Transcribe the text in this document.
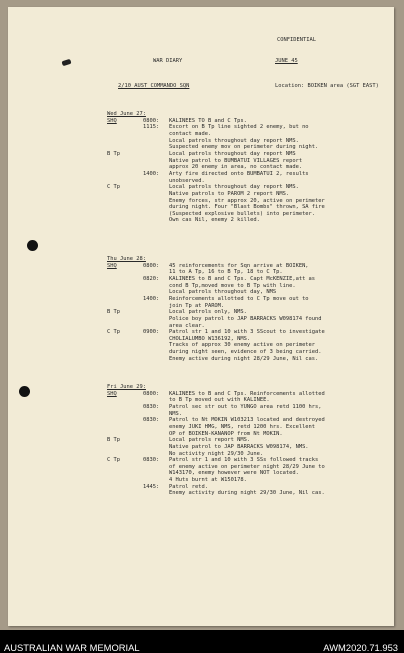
CONFIDENTIAL
WAR DIARY	JUNE 45
2/10 AUST COMMANDO SQN	Location: BOIKEN area (SGT EAST)
Wed June 27:
SHQ	0800: KALINEES TO B and C Tps.
1115: Escort on B Tp line sighted 2 enemy, but no
contact made.
Local patrols throughout day report NMS.
Suspected enemy mov on perimeter during night.
B Tp	Local patrols throughout day report NMS
Native patrol to BUMBATUI VILLAGES report
approx 20 enemy in area, no contact made.
1400: Arty fire directed onto BUMBATUI 2, results
unobserved.
C Tp	Local patrols throughout day report NMS.
Native patrols to PAROM 2 report NMS.
Enemy forces, str approx 20, active on perimeter
during night. Four "Blast Bombs" thrown, SA fire
(Suspected explosive bullets) into perimeter.
Own cas Nil, enemy 2 killed.
Thu June 28:
SHQ	0800: 45 reinforcements for Sqn arrive at BOIKEN,
11 to A Tp, 16 to B Tp, 18 to C Tp.
0820: KALINEES to B and C Tps. Capt McKENZIE,att as
cond B Tp,moved move to B Tp with line.
Local patrols throughout day, NMS
1400: Reinforcements allotted to C Tp move out to
join Tp at PAROM.
B Tp	Local patrols only, NMS.
Police boy patrol to JAP BARRACKS W098174 found
area clear.
C Tp	0900: Patrol str 1 and 10 with 3 SScout to investigate
CHOLIALUMBO W136192, NMS.
Tracks of approx 30 enemy active on perimeter
during night seen, evidence of 3 being carried.
Enemy active during night 28/29 June, Nil cas.
Fri June 29:
SHQ	0800: KALINEES to B and C Tps. Reinforcements allotted
to B Tp moved out with KALINEE.
0830: Patrol sec str out to YUNGO area retd 1100 hrs,
NMS.
0830: Patrol to Nt MOKIN W103213 located and destroyed
enemy JUKI HMG, NMS, retd 1200 hrs. Excellent
OP of BOIKEN-KANANOP from Nt MOKIN.
B Tp	Local patrols report NMS.
Native patrol to JAP BARRACKS W098174, NMS.
No activity night 29/30 June.
C Tp	0830: Patrol str 1 and 10 with 3 SSs followed tracks
of enemy active on perimeter night 28/29 June to
W143170, enemy however were NOT located.
4 Huts burnt at W150178.
1445: Patrol retd.
Enemy activity during night 29/30 June, Nil cas.
AUSTRALIAN WAR MEMORIAL	AWM2020.71.953
